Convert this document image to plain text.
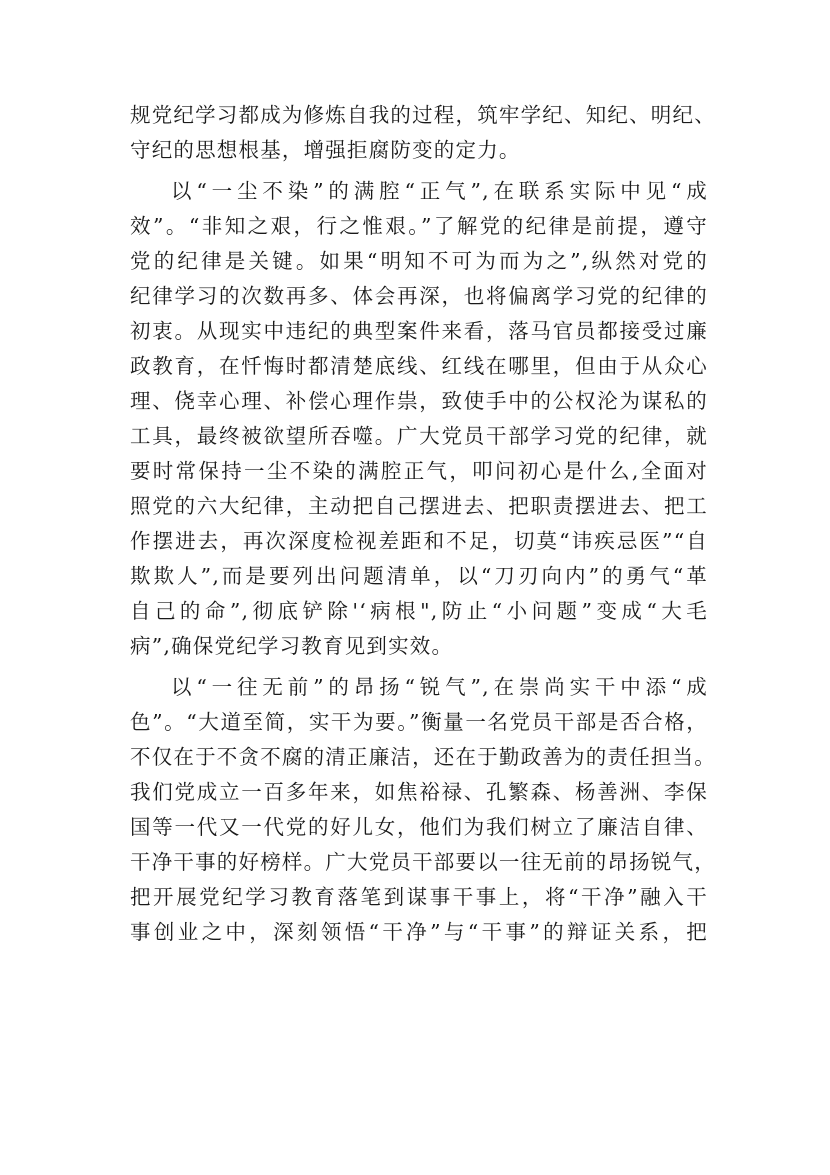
规党纪学习都成为修炼自我的过程，筑牢学纪、知纪、明纪、
守纪的思想根基，增强拒腐防变的定力。
以“一尘不染”的满腔“正气”,在联系实际中见“成
效”。“非知之艰，行之惟艰。”了解党的纪律是前提，遵守
党的纪律是关键。如果“明知不可为而为之”,纵然对党的
纪律学习的次数再多、体会再深，也将偏离学习党的纪律的
初衷。从现实中违纪的典型案件来看，落马官员都接受过廉
政教育，在忏悔时都清楚底线、红线在哪里，但由于从众心
理、侥幸心理、补偿心理作祟，致使手中的公权沦为谋私的
工具，最终被欲望所吞噬。广大党员干部学习党的纪律，就
要时常保持一尘不染的满腔正气，叩问初心是什么,全面对
照党的六大纪律，主动把自己摆进去、把职责摆进去、把工
作摆进去，再次深度检视差距和不足，切莫“讳疾忌医”“自
欺欺人”,而是要列出问题清单，以“刀刃向内”的勇气“革
自己的命”,彻底铲除'‘病根",防止“小问题”变成“大毛
病”,确保党纪学习教育见到实效。
以“一往无前”的昂扬“锐气”,在崇尚实干中添“成
色”。“大道至简，实干为要。”衡量一名党员干部是否合格，
不仅在于不贪不腐的清正廉洁，还在于勤政善为的责任担当。
我们党成立一百多年来，如焦裕禄、孔繁森、杨善洲、李保
国等一代又一代党的好儿女，他们为我们树立了廉洁自律、
干净干事的好榜样。广大党员干部要以一往无前的昂扬锐气，
把开展党纪学习教育落笔到谋事干事上，将“干净”融入干
事创业之中，深刻领悟“干净”与“干事”的辩证关系，把
